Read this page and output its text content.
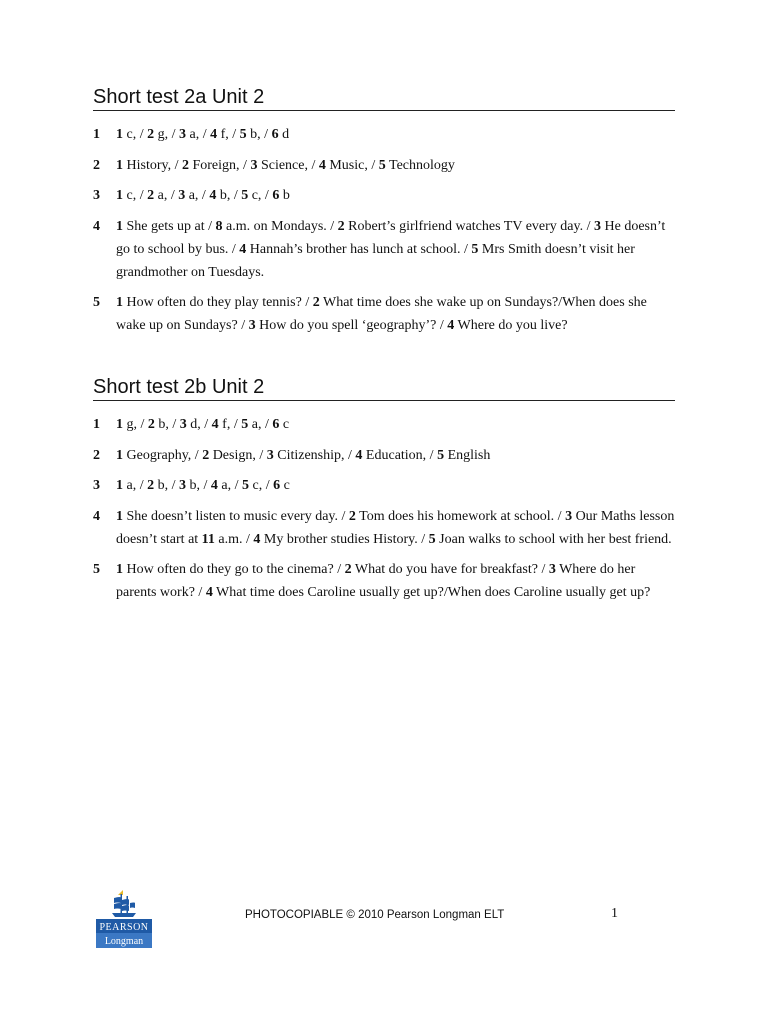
Short test 2a Unit 2
1 1 c, / 2 g, / 3 a, / 4 f, / 5 b, / 6 d
2 1 History, / 2 Foreign, / 3 Science, / 4 Music, / 5 Technology
3 1 c, / 2 a, / 3 a, / 4 b, / 5 c, / 6 b
4 1 She gets up at / 8 a.m. on Mondays. / 2 Robert’s girlfriend watches TV every day. / 3 He doesn’t go to school by bus. / 4 Hannah’s brother has lunch at school. / 5 Mrs Smith doesn’t visit her grandmother on Tuesdays.
5 1 How often do they play tennis? / 2 What time does she wake up on Sundays?/When does she wake up on Sundays? / 3 How do you spell ‘geography’? / 4 Where do you live?
Short test 2b Unit 2
1 1 g, / 2 b, / 3 d, / 4 f, / 5 a, / 6 c
2 1 Geography, / 2 Design, / 3 Citizenship, / 4 Education, / 5 English
3 1 a, / 2 b, / 3 b, / 4 a, / 5 c, / 6 c
4 1 She doesn’t listen to music every day. / 2 Tom does his homework at school. / 3 Our Maths lesson doesn’t start at 11 a.m. / 4 My brother studies History. / 5 Joan walks to school with her best friend.
5 1 How often do they go to the cinema? / 2 What do you have for breakfast? / 3 Where do her parents work? / 4 What time does Caroline usually get up?/When does Caroline usually get up?
PEARSON
Longman
PHOTOCOPIABLE © 2010 Pearson Longman ELT	1
